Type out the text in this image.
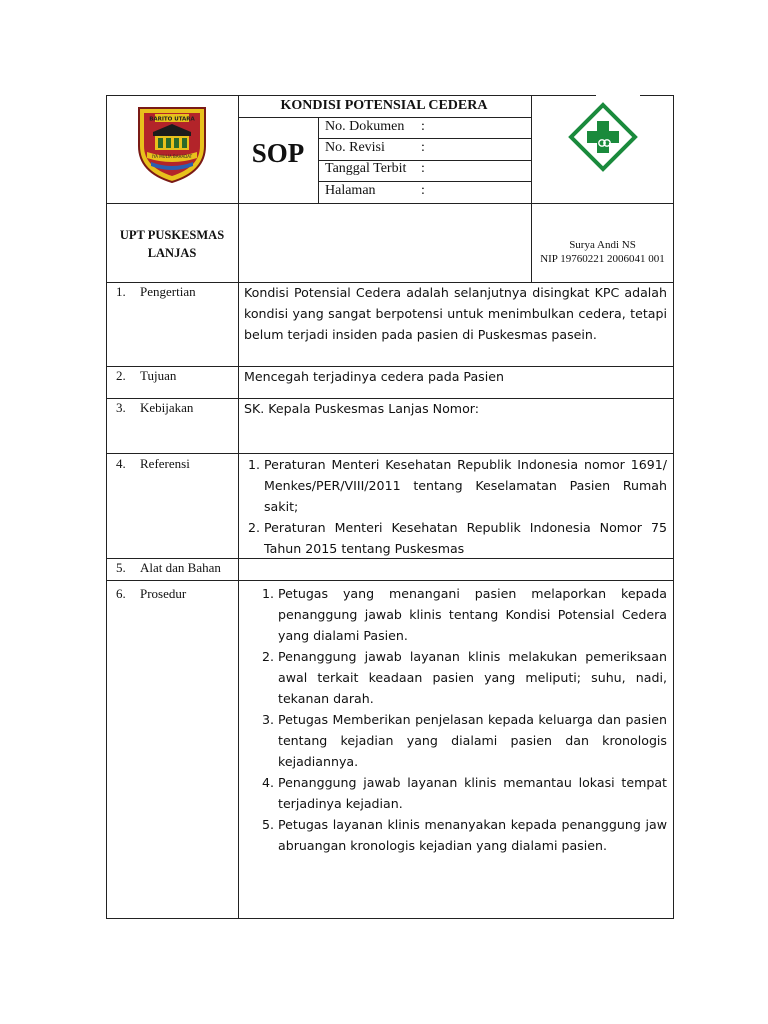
BARITO UTARA
IYA MULIA BAHADAT
KONDISI POTENSIAL CEDERA
SOP
No. Dokumen :
No. Revisi	:
Tanggal Terbit :
Halaman	:
UPT PUSKESMAS
LANJAS
Surya Andi NS
NIP 19760221 2006041 001
1. Pengertian
2. Tujuan
3. Kebijakan
4. Referensi
5. Alat dan Bahan
6. Prosedur
Kondisi Potensial Cedera adalah selanjutnya disingkat KPC adalah kondisi yang sangat berpotensi untuk menimbulkan cedera, tetapi belum terjadi insiden pada pasien di Puskesmas pasein.
Mencegah terjadinya cedera pada Pasien
SK. Kepala Puskesmas Lanjas Nomor:
1. Peraturan Menteri Kesehatan Republik Indonesia nomor 1691/ Menkes/PER/VIII/2011 tentang Keselamatan Pasien Rumah sakit;
2. Peraturan Menteri Kesehatan Republik Indonesia Nomor 75 Tahun 2015 tentang Puskesmas
1. Petugas yang menangani pasien melaporkan kepada penanggung jawab klinis tentang Kondisi Potensial Cedera yang dialami Pasien.
2. Penanggung jawab layanan klinis melakukan pemeriksaan awal terkait keadaan pasien yang meliputi; suhu, nadi, tekanan darah.
3. Petugas Memberikan penjelasan kepada keluarga dan pasien tentang kejadian yang dialami pasien dan kronologis kejadiannya.
4. Penanggung jawab layanan klinis memantau lokasi tempat terjadinya kejadian.
5. Petugas layanan klinis menanyakan kepada penanggung jaw abruangan kronologis kejadian yang dialami pasien.
